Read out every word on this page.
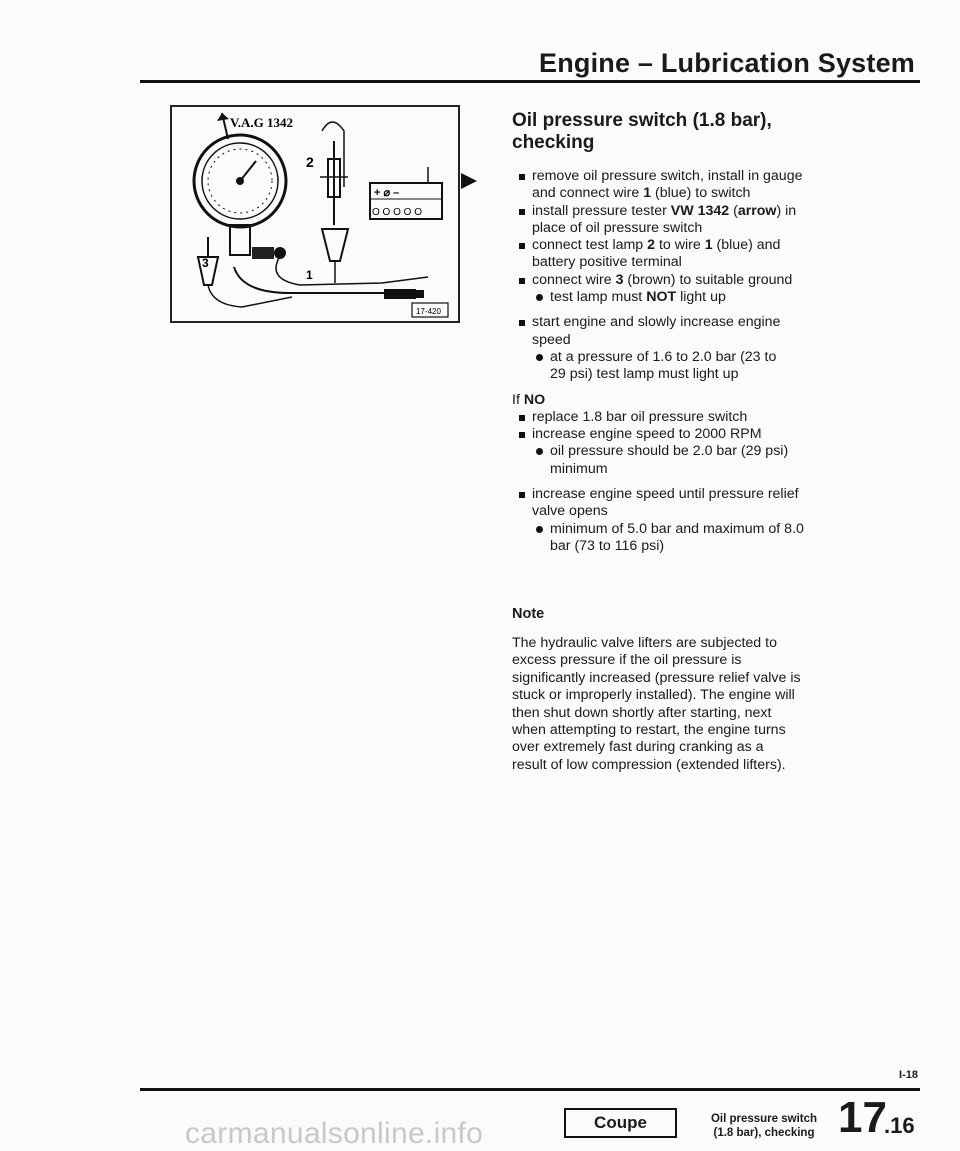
Engine – Lubrication System
V.A.G 1342
3
2
+ ⌀ –
O O O O O
1
17-420
Oil pressure switch (1.8 bar),
checking
remove oil pressure switch, install in gauge
and connect wire 1 (blue) to switch
install pressure tester VW 1342 (arrow) in
place of oil pressure switch
connect test lamp 2 to wire 1 (blue) and
battery positive terminal
connect wire 3 (brown) to suitable ground
test lamp must NOT light up
start engine and slowly increase engine
speed
at a pressure of 1.6 to 2.0 bar (23 to
29 psi) test lamp must light up
If NO
replace 1.8 bar oil pressure switch
increase engine speed to 2000 RPM
oil pressure should be 2.0 bar (29 psi)
minimum
increase engine speed until pressure relief
valve opens
minimum of 5.0 bar and maximum of 8.0
bar (73 to 116 psi)
Note
The hydraulic valve lifters are subjected to
excess pressure if the oil pressure is
significantly increased (pressure relief valve is
stuck or improperly installed). The engine will
then shut down shortly after starting, next
when attempting to restart, the engine turns
over extremely fast during cranking as a
result of low compression (extended lifters).
I-18
Coupe	Oil pressure switch
(1.8 bar), checking 17
.16
carmanualsonline.info
